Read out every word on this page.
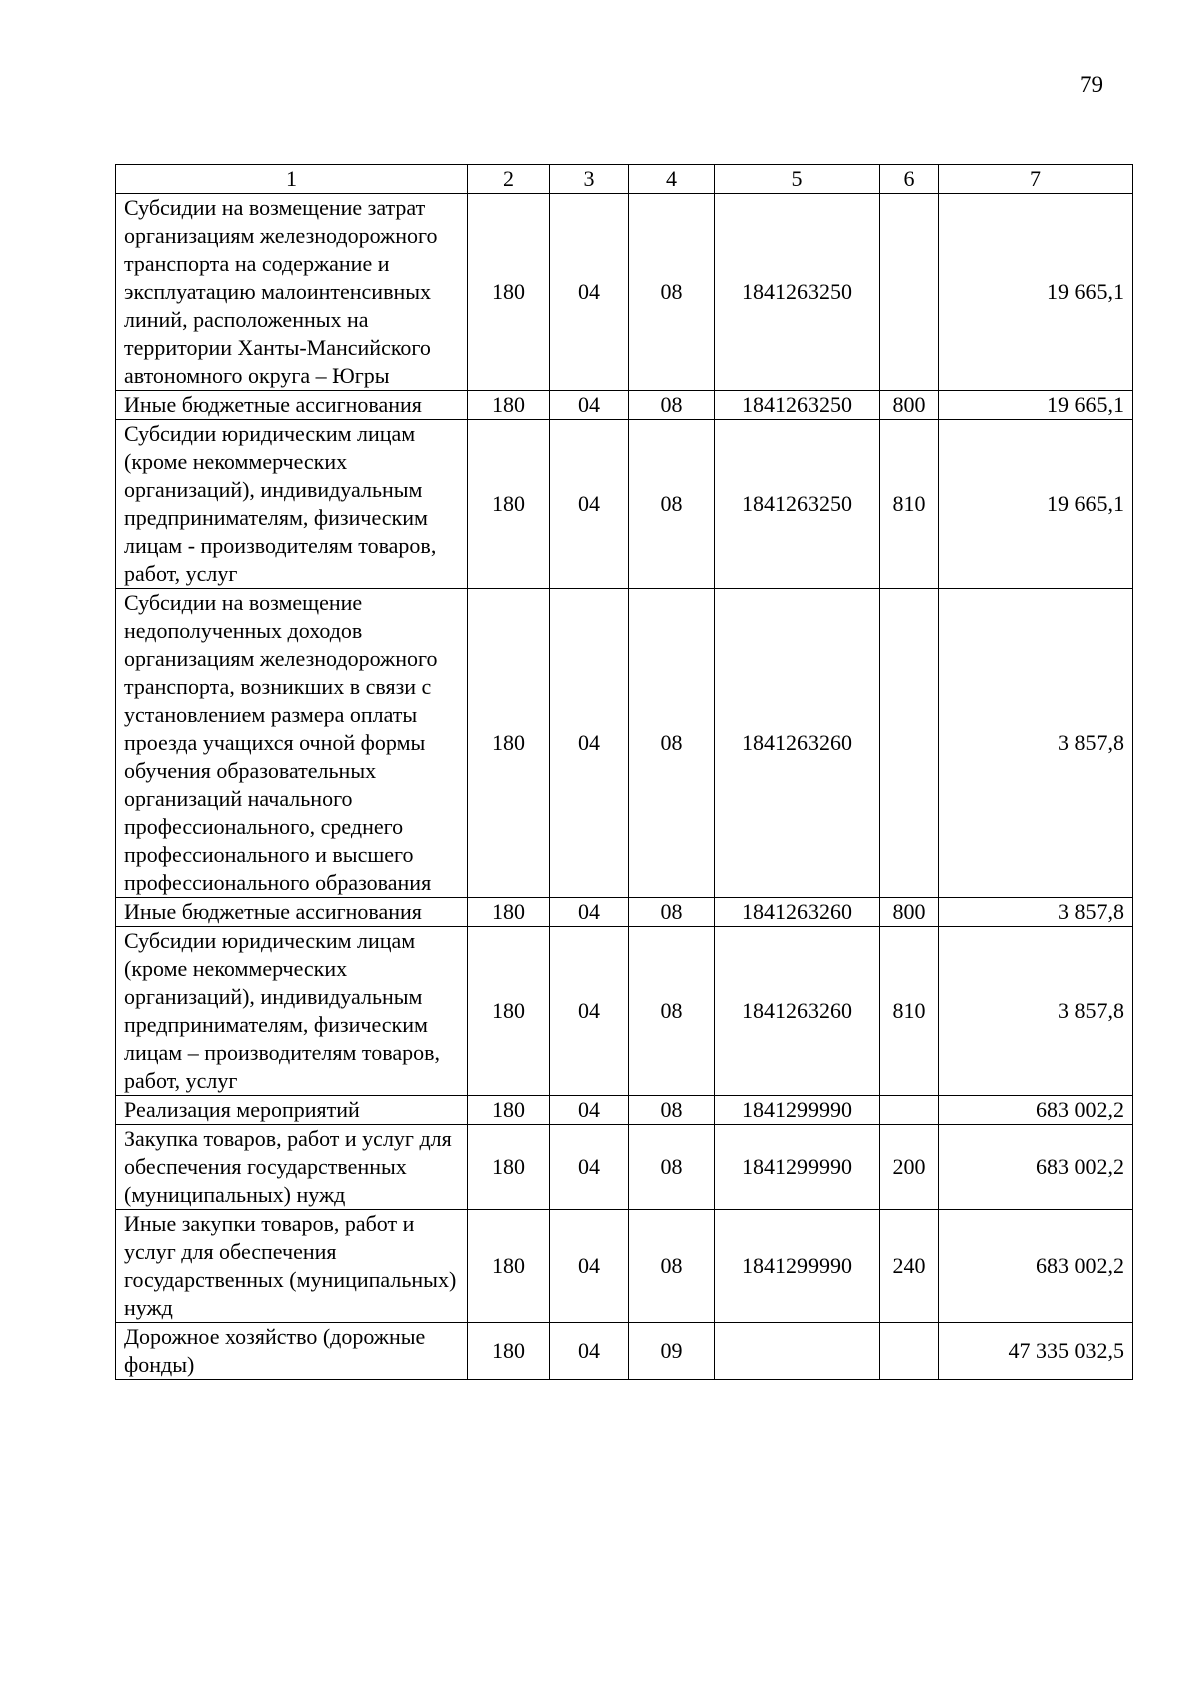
79
1	2	3	4	5	6	7
Субсидии на возмещение затрат организациям железнодорожного транспорта на содержание и эксплуатацию малоинтенсивных линий, расположенных на территории Ханты-Мансийского автономного округа – Югры	180	04	08	1841263250		19 665,1
Иные бюджетные ассигнования	180	04	08	1841263250	800	19 665,1
Субсидии юридическим лицам (кроме некоммерческих организаций), индивидуальным предпринимателям, физическим лицам - производителям товаров, работ, услуг	180	04	08	1841263250	810	19 665,1
Субсидии на возмещение недополученных доходов организациям железнодорожного транспорта, возникших в связи с установлением размера оплаты проезда учащихся очной формы обучения образовательных организаций начального профессионального, среднего профессионального и высшего профессионального образования	180	04	08	1841263260		3 857,8
Иные бюджетные ассигнования	180	04	08	1841263260	800	3 857,8
Субсидии юридическим лицам (кроме некоммерческих организаций), индивидуальным предпринимателям, физическим лицам – производителям товаров, работ, услуг	180	04	08	1841263260	810	3 857,8
Реализация мероприятий	180	04	08	1841299990		683 002,2
Закупка товаров, работ и услуг для обеспечения государственных (муниципальных) нужд	180	04	08	1841299990	200	683 002,2
Иные закупки товаров, работ и услуг для обеспечения государственных (муниципальных) нужд	180	04	08	1841299990	240	683 002,2
Дорожное хозяйство (дорожные фонды)	180	04	09			47 335 032,5
